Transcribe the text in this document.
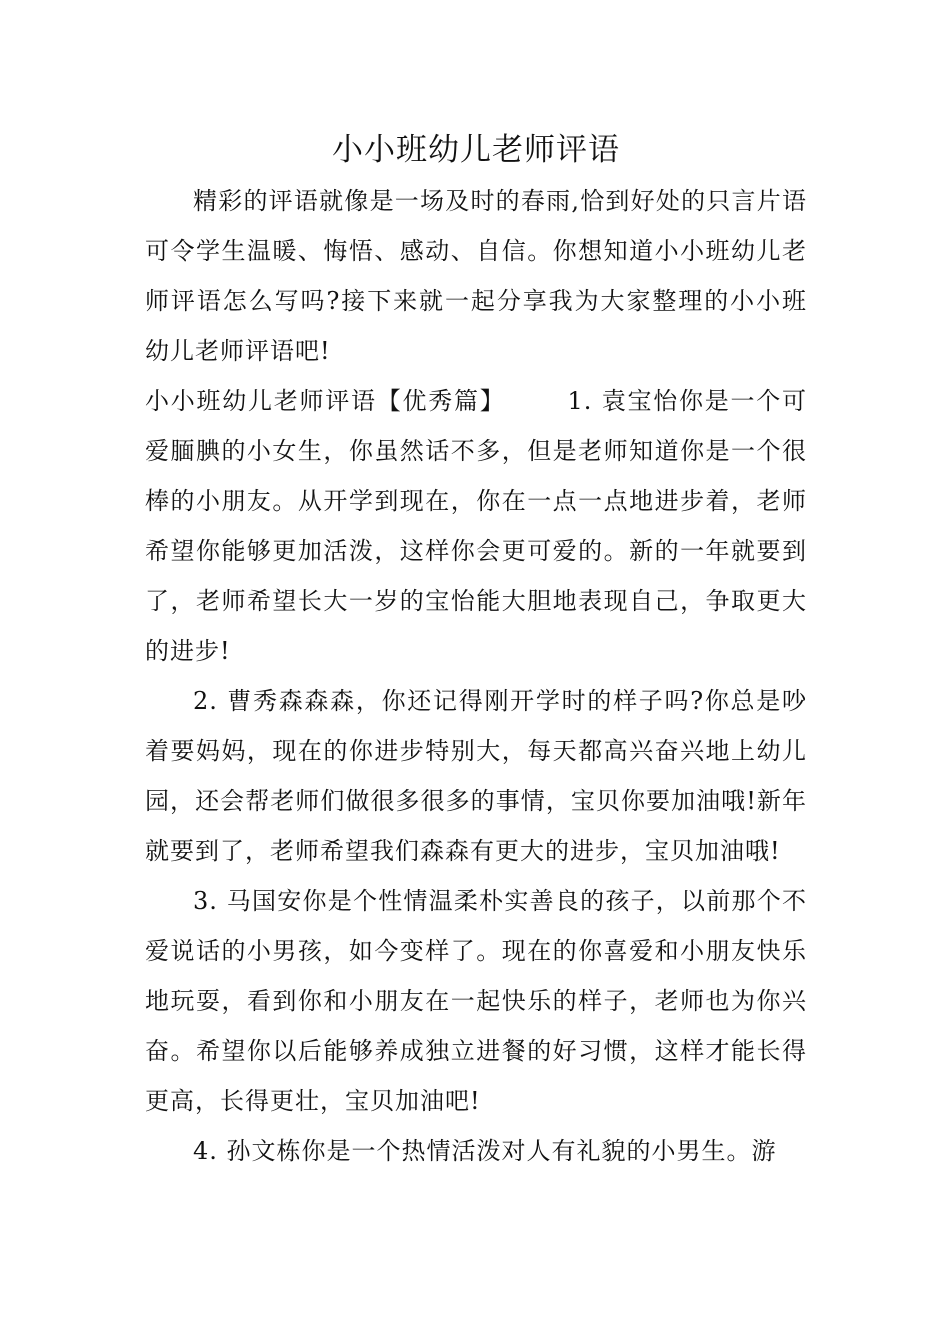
小小班幼儿老师评语

精彩的评语就像是一场及时的春雨,恰到好处的只言片语可令学生温暖、悔悟、感动、自信。你想知道小小班幼儿老师评语怎么写吗?接下来就一起分享我为大家整理的小小班幼儿老师评语吧!

小小班幼儿老师评语【优秀篇】	1. 袁宝怡你是一个可爱腼腆的小女生，你虽然话不多，但是老师知道你是一个很棒的小朋友。从开学到现在，你在一点一点地进步着，老师希望你能够更加活泼，这样你会更可爱的。新的一年就要到了，老师希望长大一岁的宝怡能大胆地表现自己，争取更大的进步!

2. 曹秀森森森，你还记得刚开学时的样子吗?你总是吵着要妈妈，现在的你进步特别大，每天都高兴奋兴地上幼儿园，还会帮老师们做很多很多的事情，宝贝你要加油哦!新年就要到了，老师希望我们森森有更大的进步，宝贝加油哦!

3. 马国安你是个性情温柔朴实善良的孩子，以前那个不爱说话的小男孩，如今变样了。现在的你喜爱和小朋友快乐地玩耍，看到你和小朋友在一起快乐的样子，老师也为你兴奋。希望你以后能够养成独立进餐的好习惯，这样才能长得更高，长得更壮，宝贝加油吧!

4. 孙文栋你是一个热情活泼对人有礼貌的小男生。游
